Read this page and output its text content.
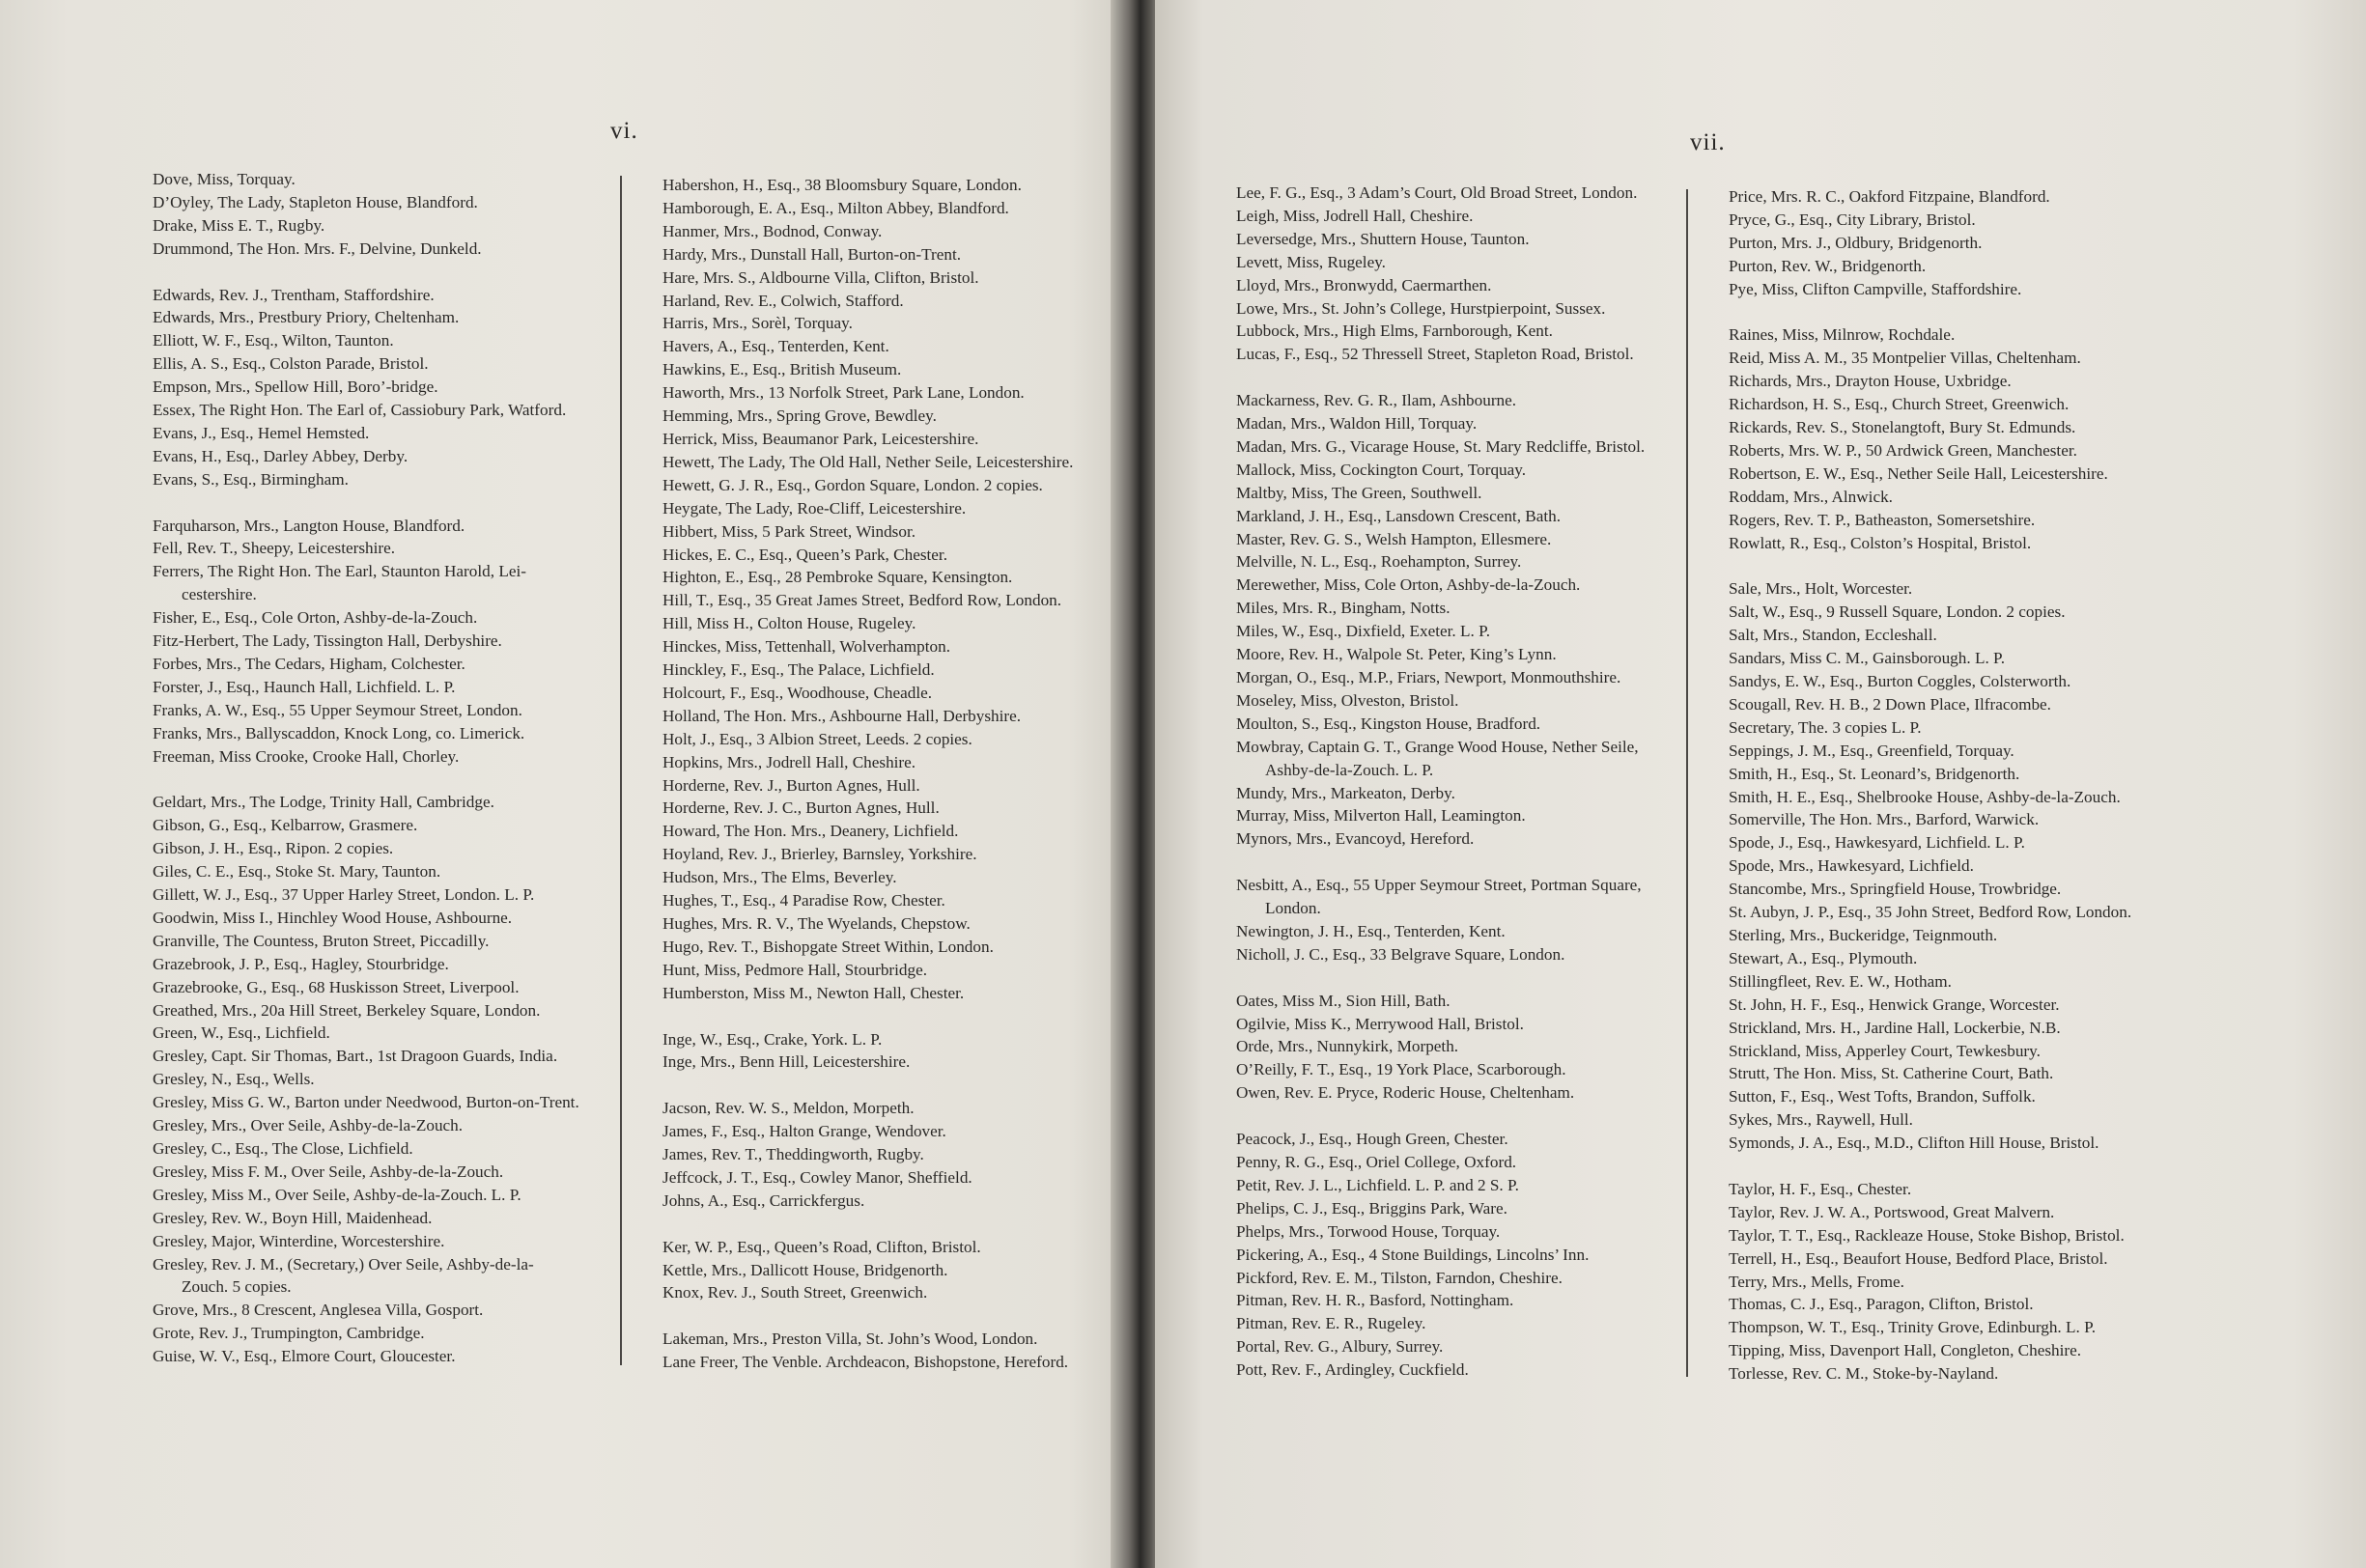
vi.
Dove, Miss, Torquay.
D’Oyley, The Lady, Stapleton House, Blandford.
Drake, Miss E. T., Rugby.
Drummond, The Hon. Mrs. F., Delvine, Dunkeld.
Edwards, Rev. J., Trentham, Staffordshire.
Edwards, Mrs., Prestbury Priory, Cheltenham.
Elliott, W. F., Esq., Wilton, Taunton.
Ellis, A. S., Esq., Colston Parade, Bristol.
Empson, Mrs., Spellow Hill, Boro’-bridge.
Essex, The Right Hon. The Earl of, Cassiobury Park, Watford.
Evans, J., Esq., Hemel Hemsted.
Evans, H., Esq., Darley Abbey, Derby.
Evans, S., Esq., Birmingham.
Farquharson, Mrs., Langton House, Blandford.
Fell, Rev. T., Sheepy, Leicestershire.
Ferrers, The Right Hon. The Earl, Staunton Harold, Lei-
cestershire.
Fisher, E., Esq., Cole Orton, Ashby-de-la-Zouch.
Fitz-Herbert, The Lady, Tissington Hall, Derbyshire.
Forbes, Mrs., The Cedars, Higham, Colchester.
Forster, J., Esq., Haunch Hall, Lichfield. L. P.
Franks, A. W., Esq., 55 Upper Seymour Street, London.
Franks, Mrs., Ballyscaddon, Knock Long, co. Limerick.
Freeman, Miss Crooke, Crooke Hall, Chorley.
Geldart, Mrs., The Lodge, Trinity Hall, Cambridge.
Gibson, G., Esq., Kelbarrow, Grasmere.
Gibson, J. H., Esq., Ripon. 2 copies.
Giles, C. E., Esq., Stoke St. Mary, Taunton.
Gillett, W. J., Esq., 37 Upper Harley Street, London. L. P.
Goodwin, Miss I., Hinchley Wood House, Ashbourne.
Granville, The Countess, Bruton Street, Piccadilly.
Grazebrook, J. P., Esq., Hagley, Stourbridge.
Grazebrooke, G., Esq., 68 Huskisson Street, Liverpool.
Greathed, Mrs., 20a Hill Street, Berkeley Square, London.
Green, W., Esq., Lichfield.
Gresley, Capt. Sir Thomas, Bart., 1st Dragoon Guards, India.
Gresley, N., Esq., Wells.
Gresley, Miss G. W., Barton under Needwood, Burton-on-Trent.
Gresley, Mrs., Over Seile, Ashby-de-la-Zouch.
Gresley, C., Esq., The Close, Lichfield.
Gresley, Miss F. M., Over Seile, Ashby-de-la-Zouch.
Gresley, Miss M., Over Seile, Ashby-de-la-Zouch. L. P.
Gresley, Rev. W., Boyn Hill, Maidenhead.
Gresley, Major, Winterdine, Worcestershire.
Gresley, Rev. J. M., (Secretary,) Over Seile, Ashby-de-la-
Zouch. 5 copies.
Grove, Mrs., 8 Crescent, Anglesea Villa, Gosport.
Grote, Rev. J., Trumpington, Cambridge.
Guise, W. V., Esq., Elmore Court, Gloucester.
Habershon, H., Esq., 38 Bloomsbury Square, London.
Hamborough, E. A., Esq., Milton Abbey, Blandford.
Hanmer, Mrs., Bodnod, Conway.
Hardy, Mrs., Dunstall Hall, Burton-on-Trent.
Hare, Mrs. S., Aldbourne Villa, Clifton, Bristol.
Harland, Rev. E., Colwich, Stafford.
Harris, Mrs., Sorèl, Torquay.
Havers, A., Esq., Tenterden, Kent.
Hawkins, E., Esq., British Museum.
Haworth, Mrs., 13 Norfolk Street, Park Lane, London.
Hemming, Mrs., Spring Grove, Bewdley.
Herrick, Miss, Beaumanor Park, Leicestershire.
Hewett, The Lady, The Old Hall, Nether Seile, Leicestershire.
Hewett, G. J. R., Esq., Gordon Square, London. 2 copies.
Heygate, The Lady, Roe-Cliff, Leicestershire.
Hibbert, Miss, 5 Park Street, Windsor.
Hickes, E. C., Esq., Queen’s Park, Chester.
Highton, E., Esq., 28 Pembroke Square, Kensington.
Hill, T., Esq., 35 Great James Street, Bedford Row, London.
Hill, Miss H., Colton House, Rugeley.
Hinckes, Miss, Tettenhall, Wolverhampton.
Hinckley, F., Esq., The Palace, Lichfield.
Holcourt, F., Esq., Woodhouse, Cheadle.
Holland, The Hon. Mrs., Ashbourne Hall, Derbyshire.
Holt, J., Esq., 3 Albion Street, Leeds. 2 copies.
Hopkins, Mrs., Jodrell Hall, Cheshire.
Horderne, Rev. J., Burton Agnes, Hull.
Horderne, Rev. J. C., Burton Agnes, Hull.
Howard, The Hon. Mrs., Deanery, Lichfield.
Hoyland, Rev. J., Brierley, Barnsley, Yorkshire.
Hudson, Mrs., The Elms, Beverley.
Hughes, T., Esq., 4 Paradise Row, Chester.
Hughes, Mrs. R. V., The Wyelands, Chepstow.
Hugo, Rev. T., Bishopgate Street Within, London.
Hunt, Miss, Pedmore Hall, Stourbridge.
Humberston, Miss M., Newton Hall, Chester.
Inge, W., Esq., Crake, York. L. P.
Inge, Mrs., Benn Hill, Leicestershire.
Jacson, Rev. W. S., Meldon, Morpeth.
James, F., Esq., Halton Grange, Wendover.
James, Rev. T., Theddingworth, Rugby.
Jeffcock, J. T., Esq., Cowley Manor, Sheffield.
Johns, A., Esq., Carrickfergus.
Ker, W. P., Esq., Queen’s Road, Clifton, Bristol.
Kettle, Mrs., Dallicott House, Bridgenorth.
Knox, Rev. J., South Street, Greenwich.
Lakeman, Mrs., Preston Villa, St. John’s Wood, London.
Lane Freer, The Venble. Archdeacon, Bishopstone, Hereford.
vii.
Lee, F. G., Esq., 3 Adam’s Court, Old Broad Street, London.
Leigh, Miss, Jodrell Hall, Cheshire.
Leversedge, Mrs., Shuttern House, Taunton.
Levett, Miss, Rugeley.
Lloyd, Mrs., Bronwydd, Caermarthen.
Lowe, Mrs., St. John’s College, Hurstpierpoint, Sussex.
Lubbock, Mrs., High Elms, Farnborough, Kent.
Lucas, F., Esq., 52 Thressell Street, Stapleton Road, Bristol.
Mackarness, Rev. G. R., Ilam, Ashbourne.
Madan, Mrs., Waldon Hill, Torquay.
Madan, Mrs. G., Vicarage House, St. Mary Redcliffe, Bristol.
Mallock, Miss, Cockington Court, Torquay.
Maltby, Miss, The Green, Southwell.
Markland, J. H., Esq., Lansdown Crescent, Bath.
Master, Rev. G. S., Welsh Hampton, Ellesmere.
Melville, N. L., Esq., Roehampton, Surrey.
Merewether, Miss, Cole Orton, Ashby-de-la-Zouch.
Miles, Mrs. R., Bingham, Notts.
Miles, W., Esq., Dixfield, Exeter. L. P.
Moore, Rev. H., Walpole St. Peter, King’s Lynn.
Morgan, O., Esq., M.P., Friars, Newport, Monmouthshire.
Moseley, Miss, Olveston, Bristol.
Moulton, S., Esq., Kingston House, Bradford.
Mowbray, Captain G. T., Grange Wood House, Nether Seile,
Ashby-de-la-Zouch. L. P.
Mundy, Mrs., Markeaton, Derby.
Murray, Miss, Milverton Hall, Leamington.
Mynors, Mrs., Evancoyd, Hereford.
Nesbitt, A., Esq., 55 Upper Seymour Street, Portman Square,
London.
Newington, J. H., Esq., Tenterden, Kent.
Nicholl, J. C., Esq., 33 Belgrave Square, London.
Oates, Miss M., Sion Hill, Bath.
Ogilvie, Miss K., Merrywood Hall, Bristol.
Orde, Mrs., Nunnykirk, Morpeth.
O’Reilly, F. T., Esq., 19 York Place, Scarborough.
Owen, Rev. E. Pryce, Roderic House, Cheltenham.
Peacock, J., Esq., Hough Green, Chester.
Penny, R. G., Esq., Oriel College, Oxford.
Petit, Rev. J. L., Lichfield. L. P. and 2 S. P.
Phelips, C. J., Esq., Briggins Park, Ware.
Phelps, Mrs., Torwood House, Torquay.
Pickering, A., Esq., 4 Stone Buildings, Lincolns’ Inn.
Pickford, Rev. E. M., Tilston, Farndon, Cheshire.
Pitman, Rev. H. R., Basford, Nottingham.
Pitman, Rev. E. R., Rugeley.
Portal, Rev. G., Albury, Surrey.
Pott, Rev. F., Ardingley, Cuckfield.
Price, Mrs. R. C., Oakford Fitzpaine, Blandford.
Pryce, G., Esq., City Library, Bristol.
Purton, Mrs. J., Oldbury, Bridgenorth.
Purton, Rev. W., Bridgenorth.
Pye, Miss, Clifton Campville, Staffordshire.
Raines, Miss, Milnrow, Rochdale.
Reid, Miss A. M., 35 Montpelier Villas, Cheltenham.
Richards, Mrs., Drayton House, Uxbridge.
Richardson, H. S., Esq., Church Street, Greenwich.
Rickards, Rev. S., Stonelangtoft, Bury St. Edmunds.
Roberts, Mrs. W. P., 50 Ardwick Green, Manchester.
Robertson, E. W., Esq., Nether Seile Hall, Leicestershire.
Roddam, Mrs., Alnwick.
Rogers, Rev. T. P., Batheaston, Somersetshire.
Rowlatt, R., Esq., Colston’s Hospital, Bristol.
Sale, Mrs., Holt, Worcester.
Salt, W., Esq., 9 Russell Square, London. 2 copies.
Salt, Mrs., Standon, Eccleshall.
Sandars, Miss C. M., Gainsborough. L. P.
Sandys, E. W., Esq., Burton Coggles, Colsterworth.
Scougall, Rev. H. B., 2 Down Place, Ilfracombe.
Secretary, The. 3 copies L. P.
Seppings, J. M., Esq., Greenfield, Torquay.
Smith, H., Esq., St. Leonard’s, Bridgenorth.
Smith, H. E., Esq., Shelbrooke House, Ashby-de-la-Zouch.
Somerville, The Hon. Mrs., Barford, Warwick.
Spode, J., Esq., Hawkesyard, Lichfield. L. P.
Spode, Mrs., Hawkesyard, Lichfield.
Stancombe, Mrs., Springfield House, Trowbridge.
St. Aubyn, J. P., Esq., 35 John Street, Bedford Row, London.
Sterling, Mrs., Buckeridge, Teignmouth.
Stewart, A., Esq., Plymouth.
Stillingfleet, Rev. E. W., Hotham.
St. John, H. F., Esq., Henwick Grange, Worcester.
Strickland, Mrs. H., Jardine Hall, Lockerbie, N.B.
Strickland, Miss, Apperley Court, Tewkesbury.
Strutt, The Hon. Miss, St. Catherine Court, Bath.
Sutton, F., Esq., West Tofts, Brandon, Suffolk.
Sykes, Mrs., Raywell, Hull.
Symonds, J. A., Esq., M.D., Clifton Hill House, Bristol.
Taylor, H. F., Esq., Chester.
Taylor, Rev. J. W. A., Portswood, Great Malvern.
Taylor, T. T., Esq., Rackleaze House, Stoke Bishop, Bristol.
Terrell, H., Esq., Beaufort House, Bedford Place, Bristol.
Terry, Mrs., Mells, Frome.
Thomas, C. J., Esq., Paragon, Clifton, Bristol.
Thompson, W. T., Esq., Trinity Grove, Edinburgh. L. P.
Tipping, Miss, Davenport Hall, Congleton, Cheshire.
Torlesse, Rev. C. M., Stoke-by-Nayland.
